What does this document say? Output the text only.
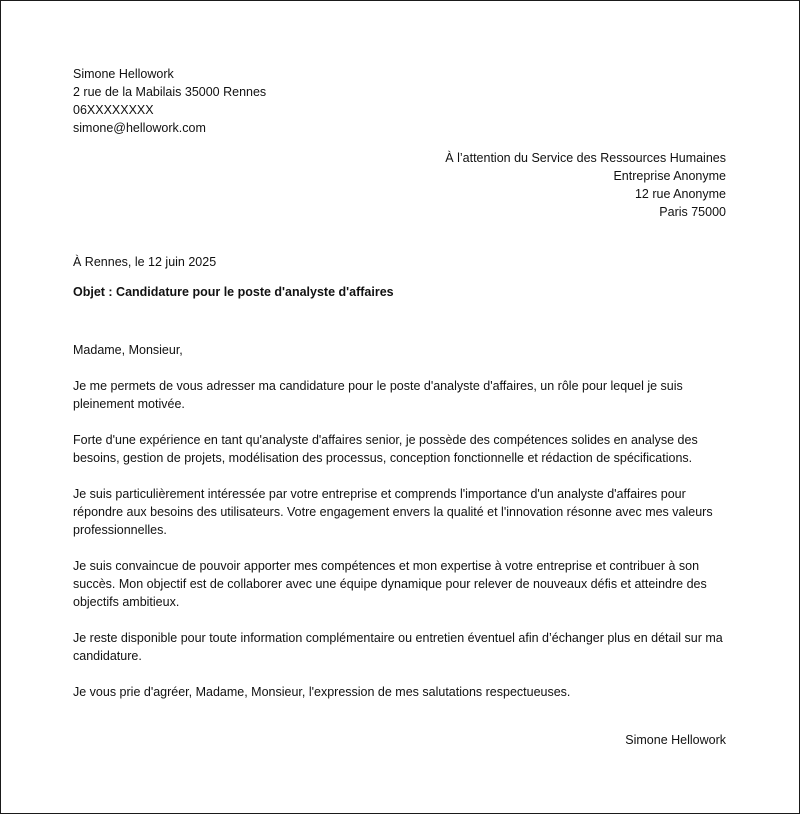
Simone Hellowork
2 rue de la Mabilais 35000 Rennes
06XXXXXXXX
simone@hellowork.com
À l’attention du Service des Ressources Humaines
Entreprise Anonyme
12 rue Anonyme
Paris 75000
À Rennes, le 12 juin 2025
Objet : Candidature pour le poste d'analyste d'affaires

Madame, Monsieur,

Je me permets de vous adresser ma candidature pour le poste d'analyste d'affaires, un rôle pour lequel je suis pleinement motivée.

Forte d'une expérience en tant qu'analyste d'affaires senior, je possède des compétences solides en analyse des besoins, gestion de projets, modélisation des processus, conception fonctionnelle et rédaction de spécifications.

Je suis particulièrement intéressée par votre entreprise et comprends l'importance d'un analyste d'affaires pour répondre aux besoins des utilisateurs. Votre engagement envers la qualité et l'innovation résonne avec mes valeurs professionnelles.

Je suis convaincue de pouvoir apporter mes compétences et mon expertise à votre entreprise et contribuer à son succès. Mon objectif est de collaborer avec une équipe dynamique pour relever de nouveaux défis et atteindre des objectifs ambitieux.

Je reste disponible pour toute information complémentaire ou entretien éventuel afin d’échanger plus en détail sur ma candidature.

Je vous prie d'agréer, Madame, Monsieur, l'expression de mes salutations respectueuses.

Simone Hellowork
